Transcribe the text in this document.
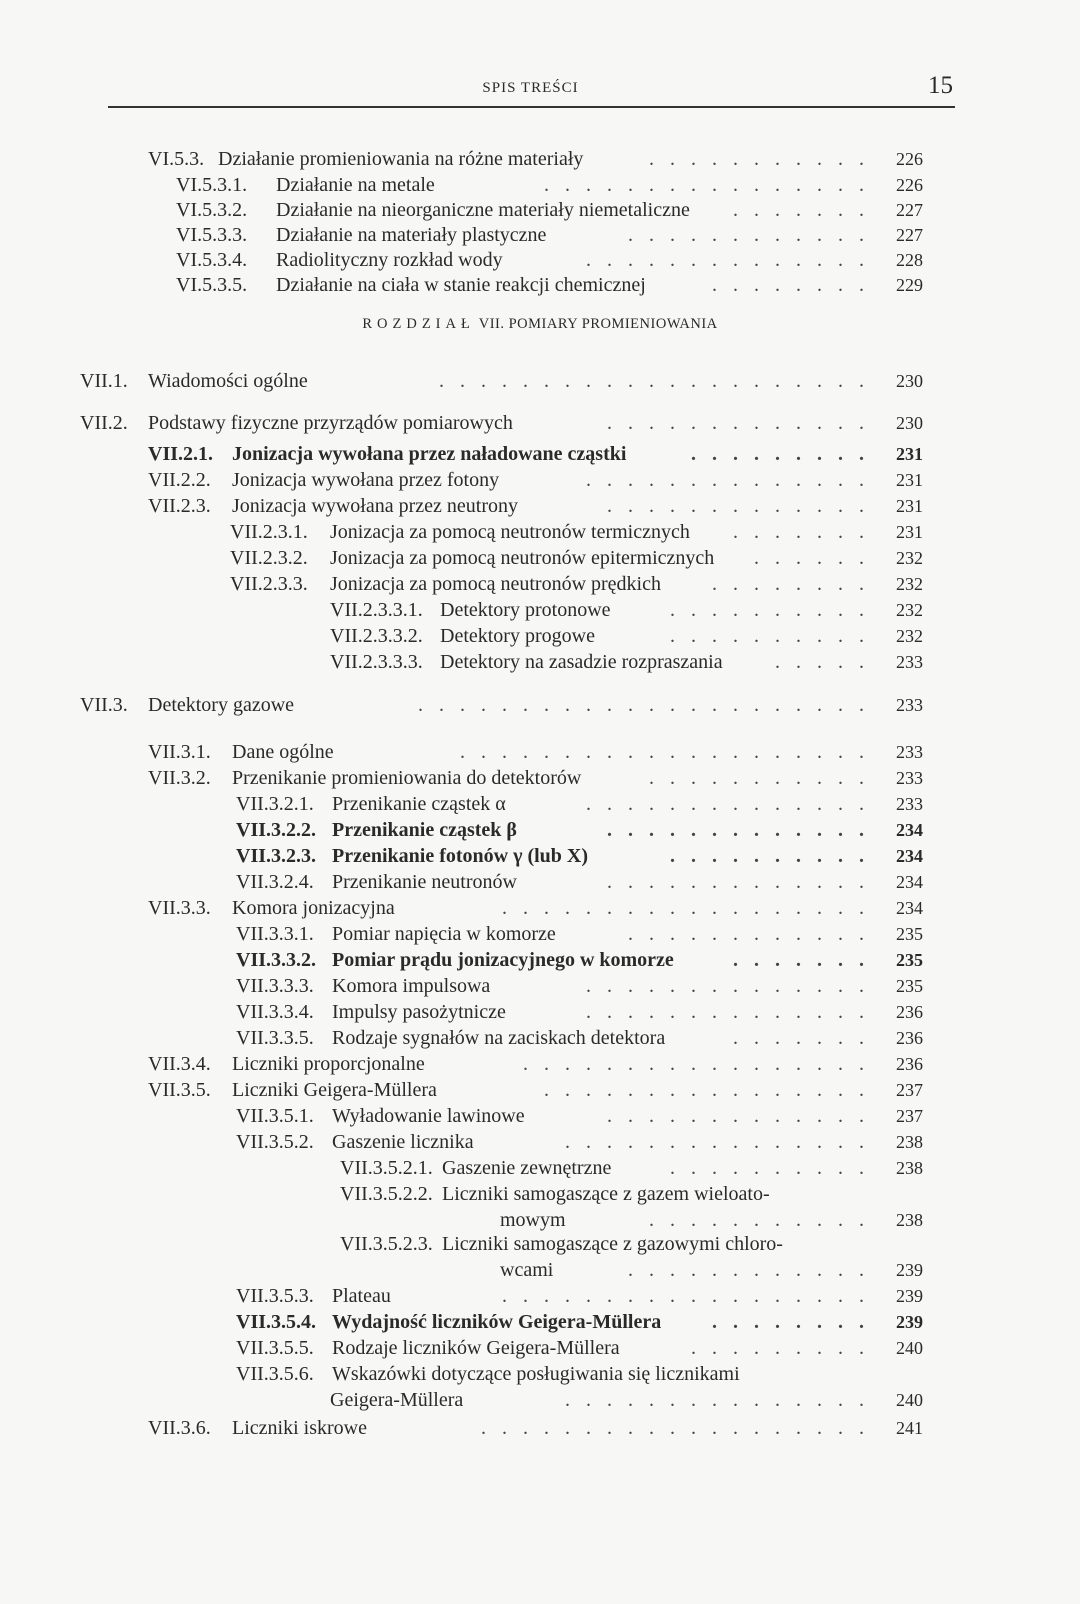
SPIS TREŚCI	15
ROZDZIAŁ VII. POMIARY PROMIENIOWANIA
VI.5.3. Działanie promieniowania na różne materiały	226
. . . . . . . . . . . 
VI.5.3.1. Działanie na metale	226
. . . . . . . . . . . . . . . . 
VI.5.3.2. Działanie na nieorganiczne materiały niemetaliczne	227
. . . . . . . 
VI.5.3.3. Działanie na materiały plastyczne	227
. . . . . . . . . . . . 
VI.5.3.4. Radiolityczny rozkład wody	228
. . . . . . . . . . . . . . 
VI.5.3.5. Działanie na ciała w stanie reakcji chemicznej	229
. . . . . . . . 
VII.1. Wiadomości ogólne	230
. . . . . . . . . . . . . . . . . . . . . 
VII.2. Podstawy fizyczne przyrządów pomiarowych	230
. . . . . . . . . . . . . 
VII.2.1. Jonizacja wywołana przez naładowane cząstki	231
. . . . . . . . . 
VII.2.2. Jonizacja wywołana przez fotony	231
. . . . . . . . . . . . . . 
VII.2.3. Jonizacja wywołana przez neutrony	231
. . . . . . . . . . . . . 
VII.2.3.1. Jonizacja za pomocą neutronów termicznych	231
. . . . . . . 
VII.2.3.2. Jonizacja za pomocą neutronów epitermicznych	232
. . . . . . 
VII.2.3.3. Jonizacja za pomocą neutronów prędkich	232
. . . . . . . . 
VII.2.3.3.1. Detektory protonowe	232
. . . . . . . . . . 
VII.2.3.3.2. Detektory progowe	232
. . . . . . . . . . 
VII.2.3.3.3. Detektory na zasadzie rozpraszania	233
. . . . . 
VII.3. Detektory gazowe	233
. . . . . . . . . . . . . . . . . . . . . . 
VII.3.1. Dane ogólne	233
. . . . . . . . . . . . . . . . . . . . 
VII.3.2. Przenikanie promieniowania do detektorów	233
. . . . . . . . . . . 
VII.3.2.1. Przenikanie cząstek α	233
. . . . . . . . . . . . . . 
VII.3.2.2. Przenikanie cząstek β	234
. . . . . . . . . . . . . 
VII.3.2.3. Przenikanie fotonów γ (lub X)	234
. . . . . . . . . . 
VII.3.2.4. Przenikanie neutronów	234
. . . . . . . . . . . . . 
VII.3.3. Komora jonizacyjna	234
. . . . . . . . . . . . . . . . . . 
VII.3.3.1. Pomiar napięcia w komorze	235
. . . . . . . . . . . . 
VII.3.3.2. Pomiar prądu jonizacyjnego w komorze	235
. . . . . . . 
VII.3.3.3. Komora impulsowa	235
. . . . . . . . . . . . . . 
VII.3.3.4. Impulsy pasożytnicze	236
. . . . . . . . . . . . . . 
VII.3.3.5. Rodzaje sygnałów na zaciskach detektora	236
. . . . . . . 
VII.3.4. Liczniki proporcjonalne	236
. . . . . . . . . . . . . . . . . 
VII.3.5. Liczniki Geigera-Müllera	237
. . . . . . . . . . . . . . . . 
VII.3.5.1. Wyładowanie lawinowe	237
. . . . . . . . . . . . . 
VII.3.5.2. Gaszenie licznika	238
. . . . . . . . . . . . . . . 
VII.3.5.2.1. Gaszenie zewnętrzne	238
. . . . . . . . . . 
VII.3.5.2.2. Liczniki samogaszące z gazem wieloato-
mowym	238
. . . . . . . . . . . 
VII.3.5.2.3. Liczniki samogaszące z gazowymi chloro-
wcami	239
. . . . . . . . . . . . 
VII.3.5.3. Plateau	239
. . . . . . . . . . . . . . . . . . 
VII.3.5.4. Wydajność liczników Geigera-Müllera	239
. . . . . . . . 
VII.3.5.5. Rodzaje liczników Geigera-Müllera	240
. . . . . . . . . 
VII.3.5.6. Wskazówki dotyczące posługiwania się licznikami
Geigera-Müllera	240
. . . . . . . . . . . . . . . 
VII.3.6. Liczniki iskrowe	241
. . . . . . . . . . . . . . . . . . . 
